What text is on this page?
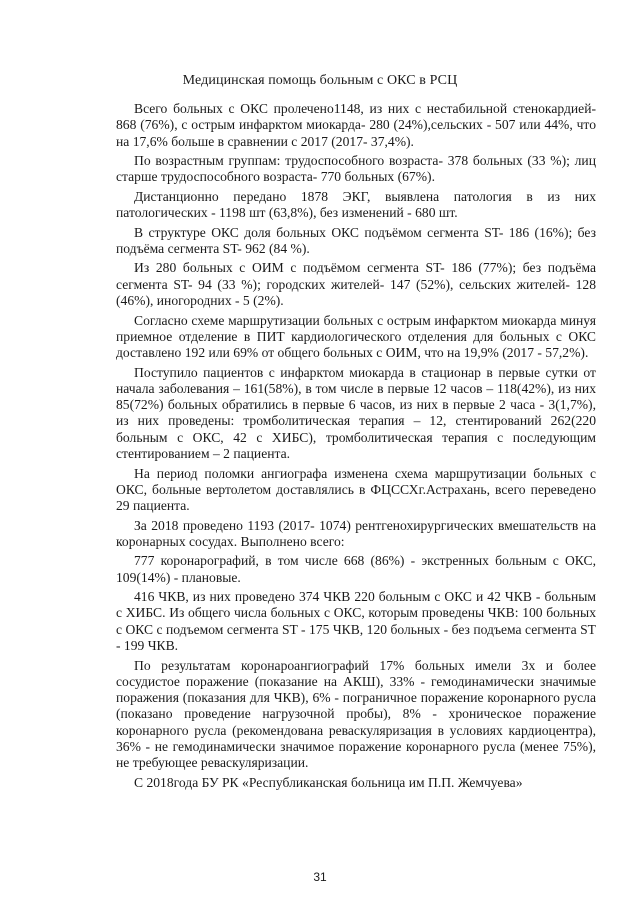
Медицинская помощь больным с ОКС в РСЦ

Всего больных с ОКС пролечено1148, из них с нестабильной стенокардией- 868 (76%), с острым инфарктом миокарда- 280 (24%),сельских - 507 или 44%, что на 17,6% больше в сравнении с 2017 (2017- 37,4%).

По возрастным группам: трудоспособного возраста- 378 больных (33 %); лиц старше трудоспособного возраста- 770 больных (67%).

Дистанционно передано 1878 ЭКГ, выявлена патология в из них патологических - 1198 шт (63,8%), без изменений - 680 шт.

В структуре ОКС доля больных ОКС подъёмом сегмента ST- 186 (16%); без подъёма сегмента ST- 962 (84 %).

Из 280 больных с ОИМ с подъёмом сегмента ST- 186 (77%); без подъёма сегмента ST- 94 (33 %); городских жителей- 147 (52%), сельских жителей- 128 (46%), иногородних - 5 (2%).

Согласно схеме маршрутизации больных с острым инфарктом миокарда минуя приемное отделение в ПИТ кардиологического отделения для больных с ОКС доставлено 192 или 69% от общего больных с ОИМ, что на 19,9% (2017 - 57,2%).

Поступило пациентов с инфарктом миокарда в стационар в первые сутки от начала заболевания – 161(58%), в том числе в первые 12 часов – 118(42%), из них 85(72%) больных обратились в первые 6 часов, из них в первые 2 часа - 3(1,7%), из них проведены: тромболитическая терапия – 12, стентирований 262(220 больным с ОКС, 42 с ХИБС), тромболитическая терапия с последующим стентированием – 2 пациента.

На период поломки ангиографа изменена схема маршрутизации больных с ОКС, больные вертолетом доставлялись в ФЦССХг.Астрахань, всего переведено 29 пациента.

За 2018 проведено 1193 (2017- 1074) рентгенохирургических вмешательств на коронарных сосудах. Выполнено всего:

777 коронарографий, в том числе 668 (86%) - экстренных больным с ОКС, 109(14%) - плановые.

416 ЧКВ, из них проведено 374 ЧКВ 220 больным с ОКС и 42 ЧКВ - больным с ХИБС. Из общего числа больных с ОКС, которым проведены ЧКВ: 100 больных с ОКС с подъемом сегмента ST - 175 ЧКВ, 120 больных - без подъема сегмента ST - 199 ЧКВ.

По результатам коронароангиографий 17% больных имели 3х и более сосудистое поражение (показание на АКШ), 33% - гемодинамически значимые поражения (показания для ЧКВ), 6% - пограничное поражение коронарного русла (показано проведение нагрузочной пробы), 8% - хроническое поражение коронарного русла (рекомендована реваскуляризация в условиях кардиоцентра), 36% - не гемодинамически значимое поражение коронарного русла (менее 75%), не требующее реваскуляризации.

С 2018года БУ РК «Республиканская больница им П.П. Жемчуева»

31
